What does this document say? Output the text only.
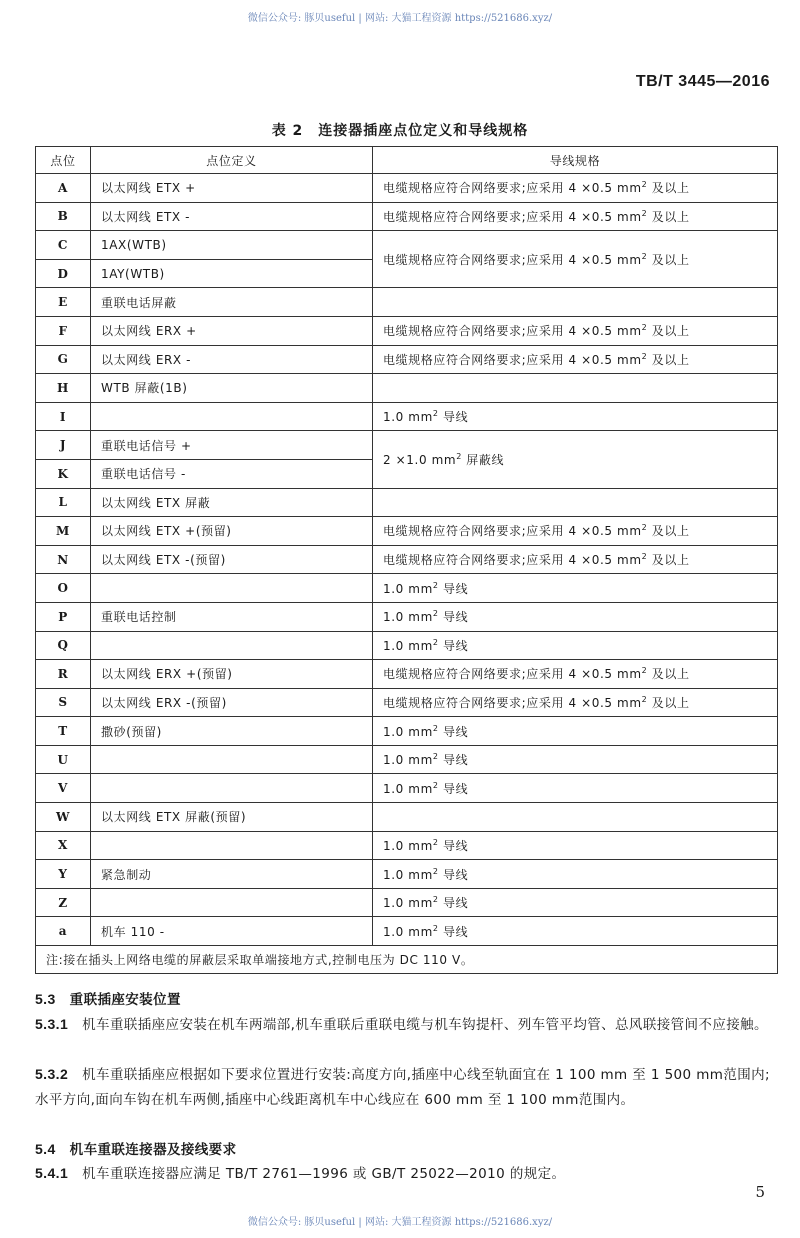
微信公众号: 豚贝useful | 网站: 大猫工程资源 https://521686.xyz/
TB/T 3445—2016
表 2　连接器插座点位定义和导线规格
点位	点位定义	导线规格
A	以太网线 ETX +	电缆规格应符合网络要求;应采用 4 ×0.5 $mm^2$ 及以上
B	以太网线 ETX -	电缆规格应符合网络要求;应采用 4 ×0.5 $mm^2$ 及以上
C	1AX(WTB)	电缆规格应符合网络要求;应采用 4 ×0.5 $mm^2$ 及以上
D	1AY(WTB)	
E	重联电话屏蔽	
F	以太网线 ERX +	电缆规格应符合网络要求;应采用 4 ×0.5 $mm^2$ 及以上
G	以太网线 ERX -	电缆规格应符合网络要求;应采用 4 ×0.5 $mm^2$ 及以上
H	WTB 屏蔽(1B)	
I		1.0 $mm^2$ 导线
J	重联电话信号 +	2 ×1.0 $mm^2$ 屏蔽线
K	重联电话信号 -	
L	以太网线 ETX 屏蔽	
M	以太网线 ETX +(预留)	电缆规格应符合网络要求;应采用 4 ×0.5 $mm^2$ 及以上
N	以太网线 ETX -(预留)	电缆规格应符合网络要求;应采用 4 ×0.5 $mm^2$ 及以上
O		1.0 $mm^2$ 导线
P	重联电话控制	1.0 $mm^2$ 导线
Q		1.0 $mm^2$ 导线
R	以太网线 ERX +(预留)	电缆规格应符合网络要求;应采用 4 ×0.5 $mm^2$ 及以上
S	以太网线 ERX -(预留)	电缆规格应符合网络要求;应采用 4 ×0.5 $mm^2$ 及以上
T	撒砂(预留)	1.0 $mm^2$ 导线
U		1.0 $mm^2$ 导线
V		1.0 $mm^2$ 导线
W	以太网线 ETX 屏蔽(预留)	
X		1.0 $mm^2$ 导线
Y	紧急制动	1.0 $mm^2$ 导线
Z		1.0 $mm^2$ 导线
a	机车 110 -	1.0 $mm^2$ 导线
注:接在插头上网络电缆的屏蔽层采取单端接地方式,控制电压为 DC 110 V。		
5.3 重联插座安装位置
5.3.1 机车重联插座应安装在机车两端部,机车重联后重联电缆与机车钩提杆、列车管平均管、总风联接管间不应接触。
5.3.2 机车重联插座应根据如下要求位置进行安装:高度方向,插座中心线至轨面宜在 1 100 mm 至 1 500 mm范围内;水平方向,面向车钩在机车两侧,插座中心线距离机车中心线应在 600 mm 至 1 100 mm范围内。
5.4 机车重联连接器及接线要求
5.4.1 机车重联连接器应满足 TB/T 2761—1996 或 GB/T 25022—2010 的规定。
5
微信公众号: 豚贝useful | 网站: 大猫工程资源 https://521686.xyz/
